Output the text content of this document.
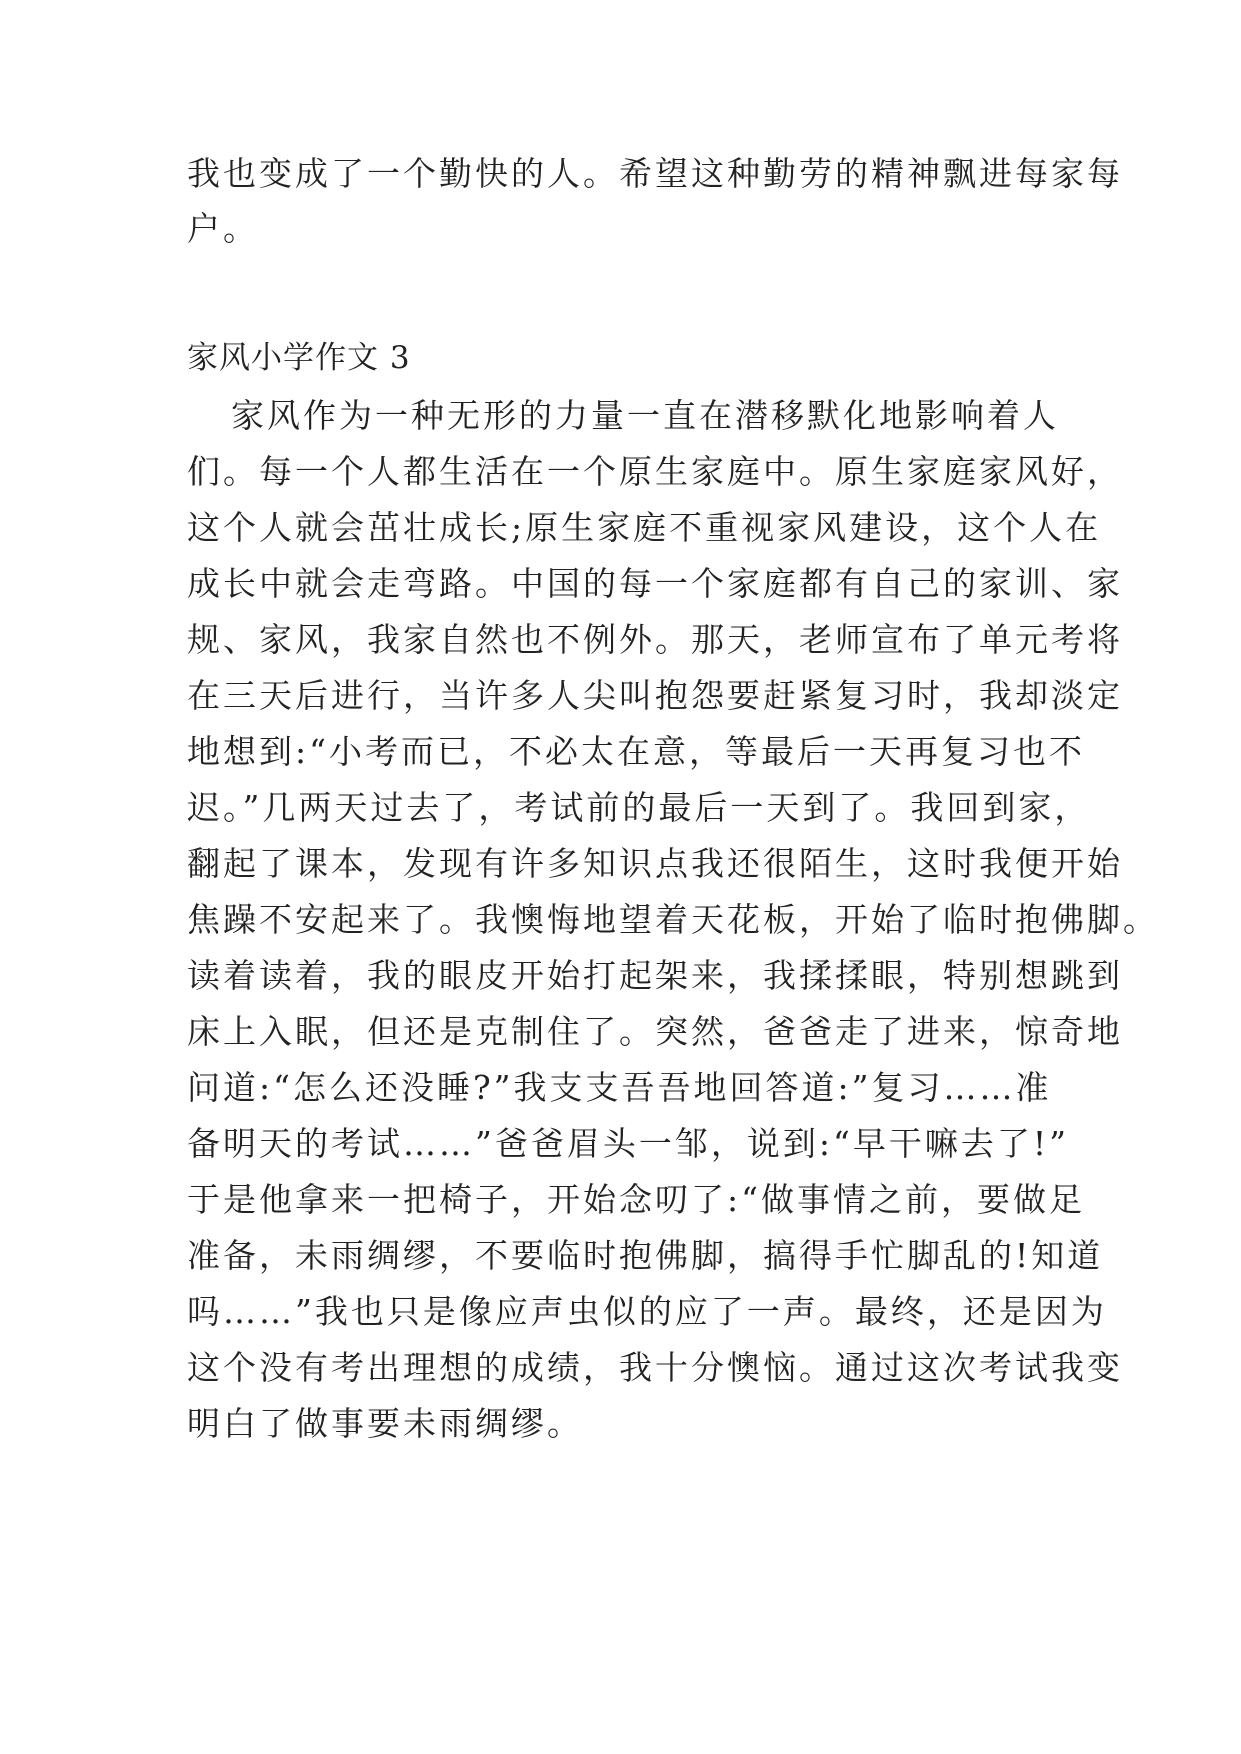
我也变成了一个勤快的人。希望这种勤劳的精神飘进每家每
户。
家风小学作文 3
家风作为一种无形的力量一直在潜移默化地影响着人
们。每一个人都生活在一个原生家庭中。原生家庭家风好，
这个人就会茁壮成长;原生家庭不重视家风建设，这个人在
成长中就会走弯路。中国的每一个家庭都有自己的家训、家
规、家风，我家自然也不例外。那天，老师宣布了单元考将
在三天后进行，当许多人尖叫抱怨要赶紧复习时，我却淡定
地想到:“小考而已，不必太在意，等最后一天再复习也不
迟。”几两天过去了，考试前的最后一天到了。我回到家，
翻起了课本，发现有许多知识点我还很陌生，这时我便开始
焦躁不安起来了。我懊悔地望着天花板，开始了临时抱佛脚。
读着读着，我的眼皮开始打起架来，我揉揉眼，特别想跳到
床上入眠，但还是克制住了。突然，爸爸走了进来，惊奇地
问道:“怎么还没睡?”我支支吾吾地回答道:”复习……准
备明天的考试……”爸爸眉头一邹，说到:“早干嘛去了!”
于是他拿来一把椅子，开始念叨了:“做事情之前，要做足
准备，未雨绸缪，不要临时抱佛脚，搞得手忙脚乱的!知道
吗……”我也只是像应声虫似的应了一声。最终，还是因为
这个没有考出理想的成绩，我十分懊恼。通过这次考试我变
明白了做事要未雨绸缪。
